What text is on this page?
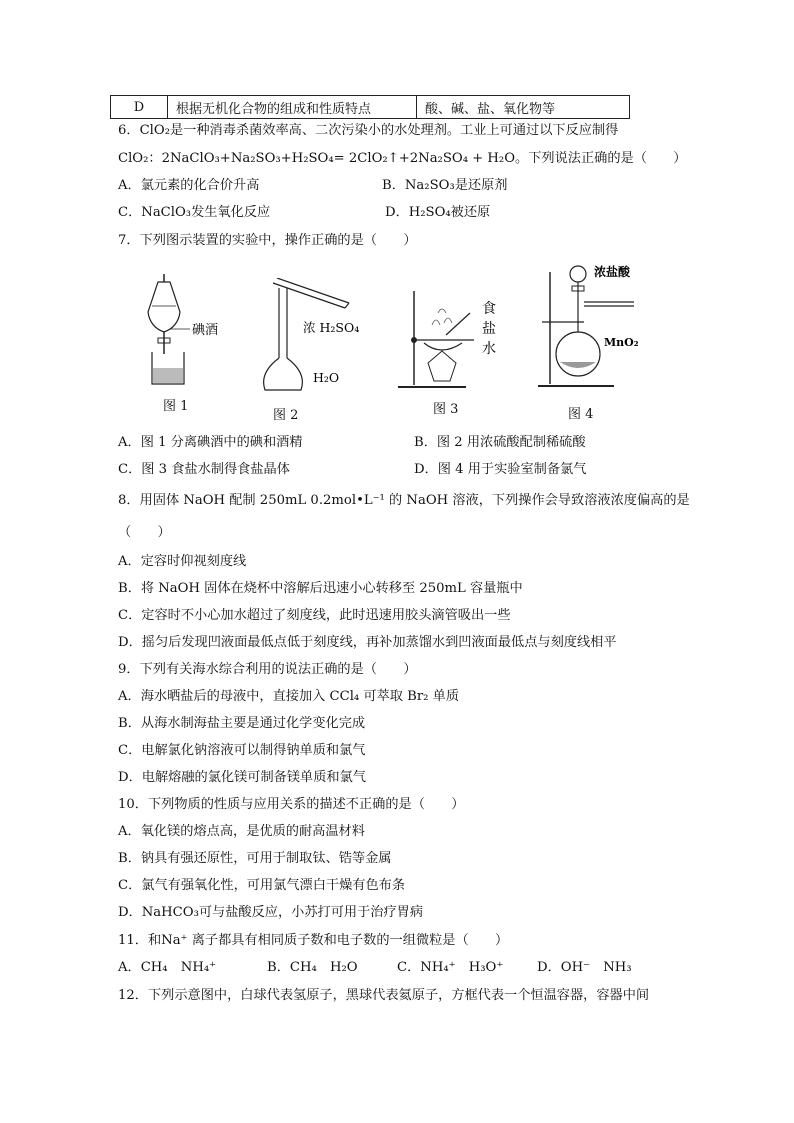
D	根据无机化合物的组成和性质特点	酸、碱、盐、氧化物等
6．ClO₂是一种消毒杀菌效率高、二次污染小的水处理剂。工业上可通过以下反应制得
ClO₂：2NaClO₃+Na₂SO₃+H₂SO₄= 2ClO₂↑+2Na₂SO₄ + H₂O。下列说法正确的是（　　）
A．氯元素的化合价升高	B．Na₂SO₃是还原剂
C．NaClO₃发生氧化反应	D．H₂SO₄被还原
7．下列图示装置的实验中，操作正确的是（　　）
碘酒
图 1
浓 H₂SO₄
H₂O
图 2
食
盐
水
图 3
浓盐酸
MnO₂
图 4
A．图 1 分离碘酒中的碘和酒精	B．图 2 用浓硫酸配制稀硫酸
C．图 3 食盐水制得食盐晶体	D．图 4 用于实验室制备氯气
8．用固体 NaOH 配制 250mL 0.2mol•L⁻¹ 的 NaOH 溶液，下列操作会导致溶液浓度偏高的是
（　　）
A．定容时仰视刻度线
B．将 NaOH 固体在烧杯中溶解后迅速小心转移至 250mL 容量瓶中
C．定容时不小心加水超过了刻度线，此时迅速用胶头滴管吸出一些
D．摇匀后发现凹液面最低点低于刻度线，再补加蒸馏水到凹液面最低点与刻度线相平
9．下列有关海水综合利用的说法正确的是（　　）
A．海水晒盐后的母液中，直接加入 CCl₄ 可萃取 Br₂ 单质
B．从海水制海盐主要是通过化学变化完成
C．电解氯化钠溶液可以制得钠单质和氯气
D．电解熔融的氯化镁可制备镁单质和氯气
10．下列物质的性质与应用关系的描述不正确的是（　　）
A．氧化镁的熔点高，是优质的耐高温材料
B．钠具有强还原性，可用于制取钛、锆等金属
C．氯气有强氧化性，可用氯气漂白干燥有色布条
D．NaHCO₃可与盐酸反应，小苏打可用于治疗胃病
11．和Na⁺ 离子都具有相同质子数和电子数的一组微粒是（　　）
A．CH₄　NH₄⁺	B．CH₄　H₂O	C．NH₄⁺　H₃O⁺	D．OH⁻　NH₃
12．下列示意图中，白球代表氢原子，黑球代表氦原子，方框代表一个恒温容器，容器中间
